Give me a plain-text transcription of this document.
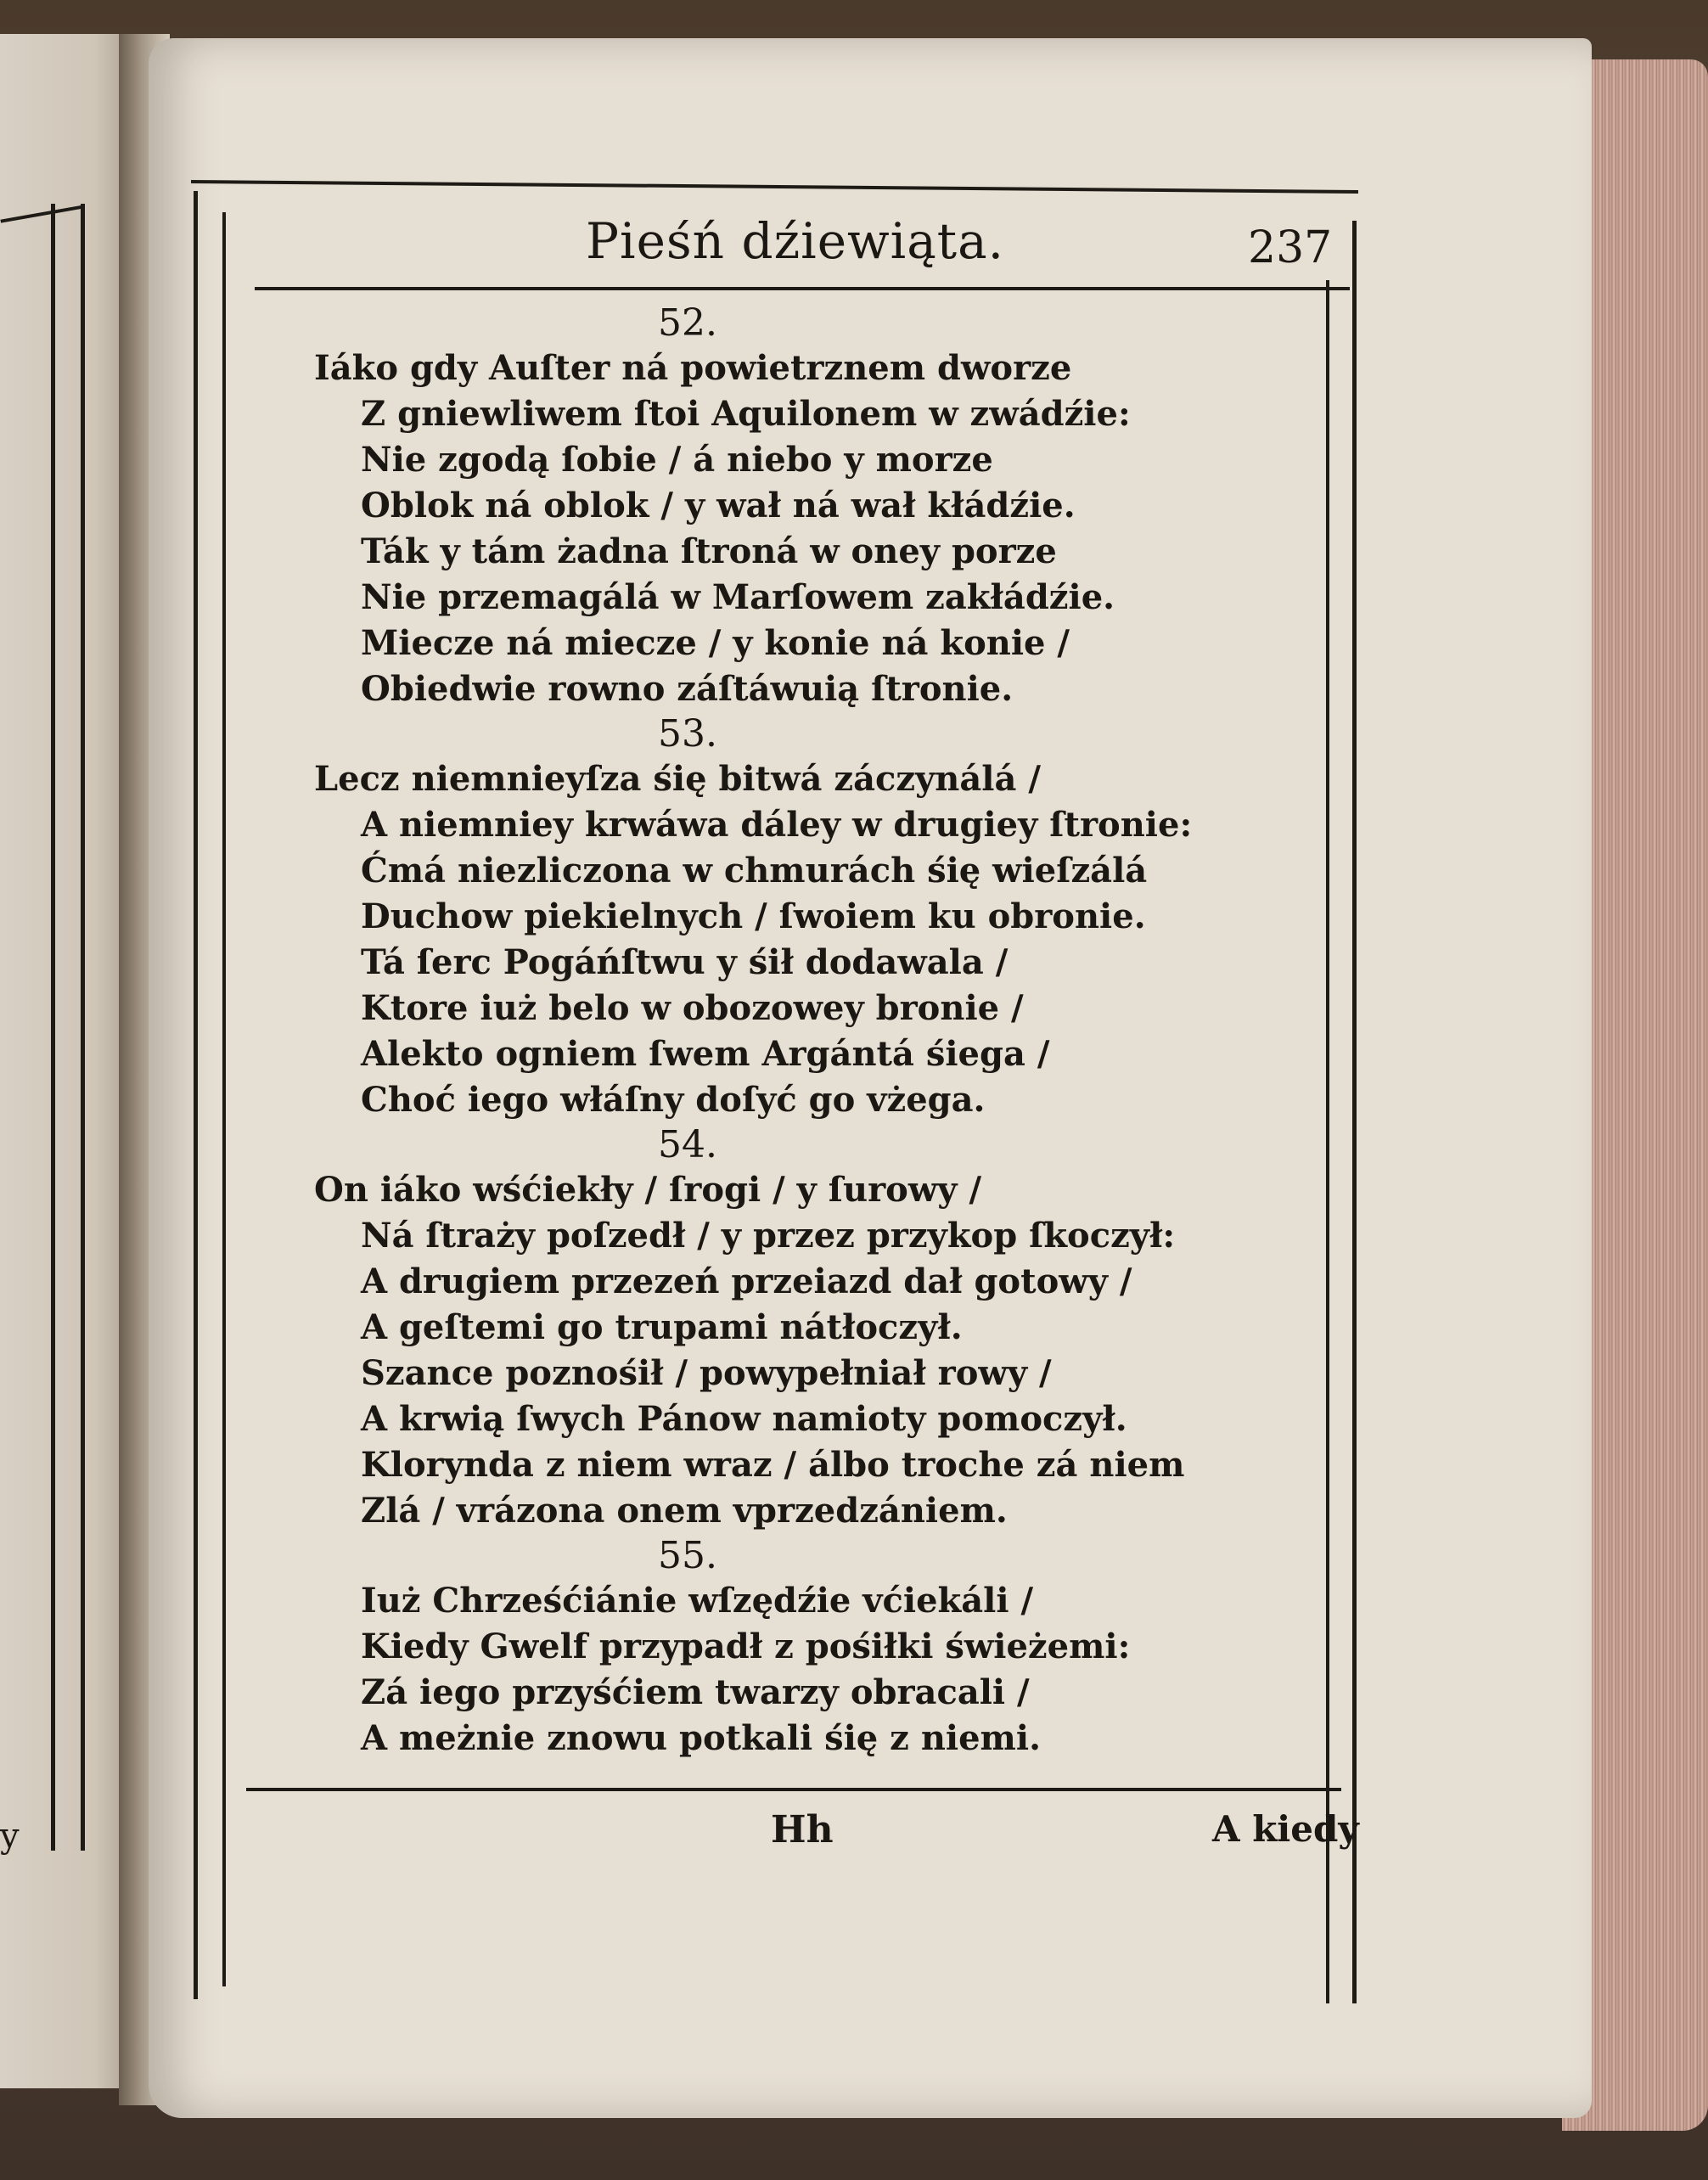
y
Pieśń dźiewiąta.	237
52.
Iáko gdy Auſter ná powietrznem dworze
Z gniewliwem ſtoi Aquilonem w zwádźie:
Nie zgodą ſobie / á niebo y morze
Oblok ná oblok / y wał ná wał kłádźie.
Ták y tám żadna ſtroná w oney porze
Nie przemagálá w Marſowem zakłádźie.
Miecze ná miecze / y konie ná konie /
Obiedwie rowno záſtáwuią ſtronie.
53.
Lecz niemnieyſza śię bitwá záczynálá /
A niemniey krwáwa dáley w drugiey ſtronie:
Ćmá niezliczona w chmurách śię wieſzálá
Duchow piekielnych / ſwoiem ku obronie.
Tá ſerc Pogáńſtwu y śił dodawala /
Ktore iuż belo w obozowey bronie /
Alekto ogniem ſwem Argántá śiega /
Choć iego włáſny doſyć go vżega.
54.
On iáko wśćiekły / ſrogi / y ſurowy /
Ná ſtraży poſzedł / y przez przykop ſkoczył:
A drugiem przezeń przeiazd dał gotowy /
A geſtemi go trupami nátłoczył.
Szance poznośił / powypełniał rowy /
A krwią ſwych Pánow namioty pomoczył.
Klorynda z niem wraz / álbo troche zá niem
Zlá / vrázona onem vprzedzániem.
55.
Iuż Chrześćiánie wſzędźie vćiekáli /
Kiedy Gwelf przypadł z pośiłki świeżemi:
Zá iego przyśćiem twarzy obracali /
A meżnie znowu potkali śię z niemi.
Hh	A kiedy
